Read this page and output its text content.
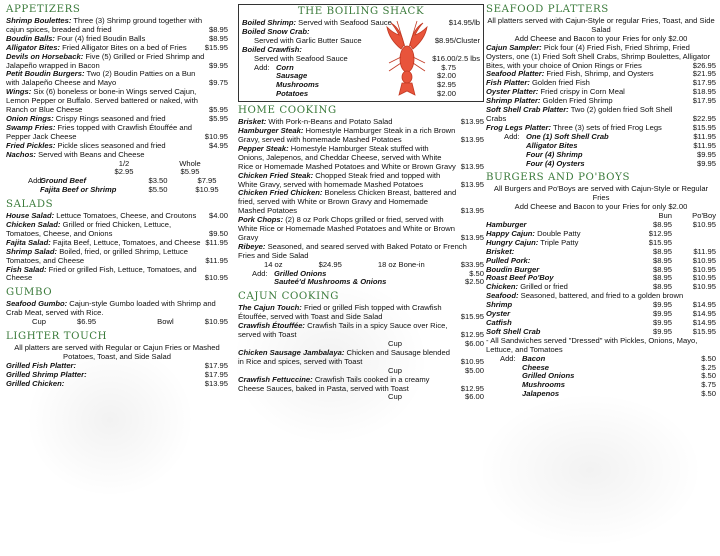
APPETIZERS
Shrimp Boulettes: Three (3) Shrimp ground together with cajun spices, breaded and fried	$8.95
Boudin Balls: Four (4) fried Boudin Balls	$8.95
Alligator Bites: Fried Alligator Bites on a bed of Fries	$15.95
Devils on Horseback: Five (5) Grilled or Fried Shrimp and Jalapeño wrapped in Bacon	$9.95
Petit Boudin Burgers: Two (2) Boudin Patties on a Bun with Jalapeño Cheese and Mayo	$9.75
Wings: Six (6) boneless or bone-in Wings served Cajun, Lemon Pepper or Buffalo. Served battered or naked, with Ranch or Blue Cheese	$5.95
Onion Rings: Crispy Rings seasoned and fried	$5.95
Swamp Fries: Fries topped with Crawfish Étouffée and Pepper Jack Cheese	$10.95
Fried Pickles: Pickle slices seasoned and fried	$4.95
Nachos: Served with Beans and Cheese
1/2	Whole
$2.95	$5.95
Add:
Ground Beef	$3.50	$7.95
Fajita Beef or Shrimp	$5.50	$10.95
SALADS
House Salad: Lettuce Tomatoes, Cheese, and Croutons	$4.00
Chicken Salad: Grilled or fried Chicken, Lettuce, Tomatoes, Cheese, and Onions	$9.50
Fajita Salad: Fajita Beef, Lettuce, Tomatoes, and Cheese $11.95
Shrimp Salad: Boiled, fried, or grilled Shrimp, Lettuce Tomatoes, and Cheese	$11.95
Fish Salad: Fried or grilled Fish, Lettuce, Tomatoes, and Cheese	$10.95
GUMBO
Seafood Gumbo: Cajun-style Gumbo loaded with Shrimp and Crab Meat, served with Rice.
Cup	$6.95	Bowl	$10.95
LIGHTER TOUCH
All platters are served with Regular or Cajun Fries or Mashed Potatoes, Toast, and Side Salad
Grilled Fish Platter:	$17.95
Grilled Shrimp Platter:	$17.95
Grilled Chicken:	$13.95
THE BOILING SHACK
Boiled Shrimp: Served with Seafood Sauce	$14.95/lb
Boiled Snow Crab:
Served with Garlic Butter Sauce	$8.95/Cluster
Boiled Crawfish:
Served with Seafood Sauce	$16.00/2.5 lbs
Add: Corn	$.75
Sausage	$2.00
Mushrooms	$2.95
Potatoes	$2.00
HOME COOKING
Brisket: With Pork-n-Beans and Potato Salad	$13.95
Hamburger Steak: Homestyle Hamburger Steak in a rich Brown Gravy, served with homemade Mashed Potatoes	$13.95
Pepper Steak: Homestyle Hamburger Steak stuffed with Onions, Jalepenos, and Cheddar Cheese, served with White Rice or Homemade Mashed Potatoes and White or Brown Gravy $13.95
Chicken Fried Steak: Chopped Steak fried and topped with White Gravy, served with homemade Mashed Potatoes	$13.95
Chicken Fried Chicken: Boneless Chicken Breast, battered and fried, served with White or Brown Gravy and Homemade Mashed Potatoes	$13.95
Pork Chops: (2) 8 oz Pork Chops grilled or fried, served with White Rice or Homemade Mashed Potatoes and White or Brown Gravy	$13.95
Ribeye: Seasoned, and seared served with Baked Potato or French Fries and Side Salad
14 oz	$24.95	18 oz Bone-in	$33.95
Add: Grilled Onions	$.50
Sauteé'd Mushrooms & Onions	$2.50
CAJUN COOKING
The Cajun Touch: Fried or grilled Fish topped with Crawfish Étouffée, served with Toast and Side Salad	$15.95
Crawfish Étouffée: Crawfish Tails in a spicy Sauce over Rice, served with Toast	$12.95
Cup	$6.00
Chicken Sausage Jambalaya: Chicken and Sausage blended in Rice and spices, served with Toast	$10.95
Cup	$5.00
Crawfish Fettuccine: Crawfish Tails cooked in a creamy Cheese Sauces, baked in Pasta, served with Toast	$12.95
Cup	$6.00
SEAFOOD PLATTERS
All platters served with Cajun-Style or regular Fries, Toast, and Side Salad
Add Cheese and Bacon to your Fries for only $2.00
Cajun Sampler: Pick four (4) Fried Fish, Fried Shrimp, Fried Oysters, one (1) Fried Soft Shell Crabs, Shrimp Boulettes, Alligator Bites, with your choice of Onion Rings or Fries	$26.95
Seafood Platter: Fried Fish, Shrimp, and Oysters	$21.95
Fish Platter: Golden fried Fish	$17.95
Oyster Platter: Fried crispy in Corn Meal	$18.95
Shrimp Platter: Golden Fried Shrimp	$17.95
Soft Shell Crab Platter: Two (2) golden fried Soft Shell Crabs	$22.95
Frog Legs Platter: Three (3) sets of fried Frog Legs	$15.95
Add: One (1) Soft Shell Crab	$11.95
Alligator Bites	$11.95
Four (4) Shrimp	$9.95
Four (4) Oysters	$9.95
BURGERS AND PO'BOYS
All Burgers and Po'Boys are served with Cajun-Style or Regular Fries
Add Cheese and Bacon to your Fries for only $2.00
Bun	Po'Boy
Hamburger	$8.95	$10.95
Happy Cajun: Double Patty	$12.95
Hungry Cajun: Triple Patty	$15.95
Brisket:	$8.95	$11.95
Pulled Pork:	$8.95	$10.95
Boudin Burger	$8.95	$10.95
Roast Beef Po'Boy	$8.95	$10.95
Chicken: Grilled or fried	$8.95	$10.95
Seafood: Seasoned, battered, and fried to a golden brown
Shrimp	$9.95	$14.95
Oyster	$9.95	$14.95
Catfish	$9.95	$14.95
Soft Shell Crab	$9.95	$15.95
- All Sandwiches served "Dressed" with Pickles, Onions, Mayo, Lettuce, and Tomatoes
Add: Bacon	$.50
Cheese	$.25
Grilled Onions	$.50
Mushrooms	$.75
Jalapenos	$.50
